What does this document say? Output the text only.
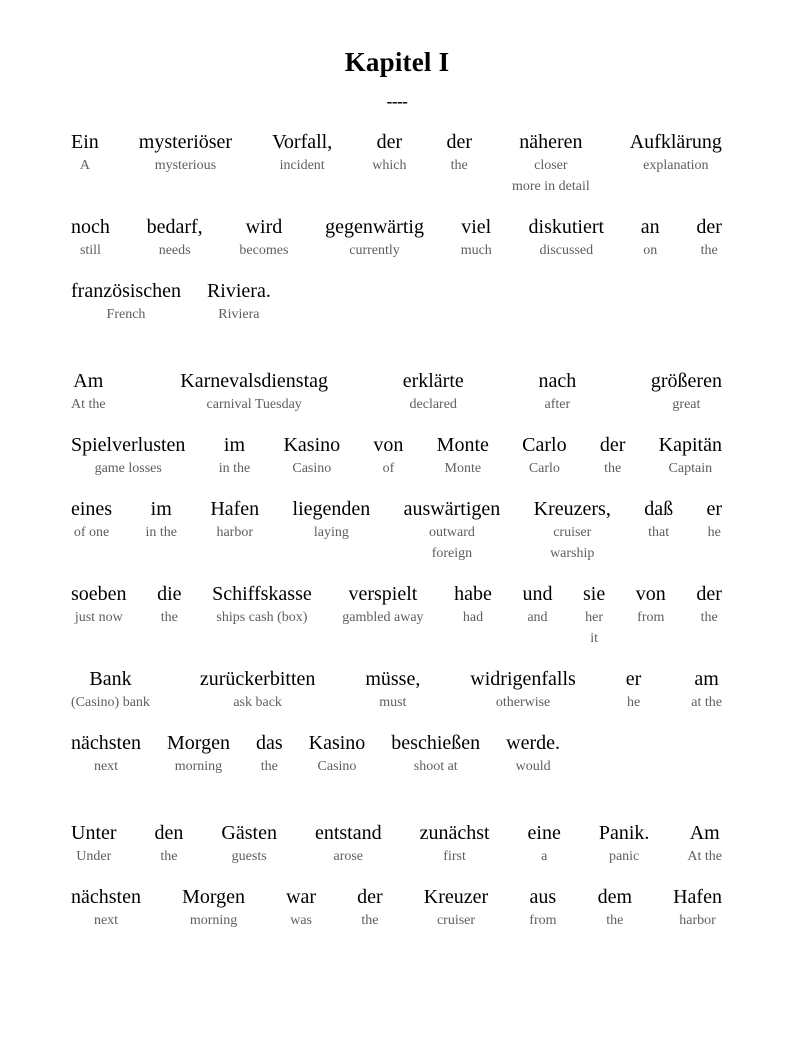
Kapitel I
----
Ein
A
mysteriöser
mysterious
Vorfall,
incident
der
which
der
the
näheren
closer
more in detail
Aufklärung
explanation
noch
still
bedarf,
needs
wird
becomes
gegenwärtig
currently
viel
much
diskutiert
discussed
an
on
der
the
französischen
French
Riviera.
Riviera
Am
At the
Karnevalsdienstag
carnival Tuesday
erklärte
declared
nach
after
größeren
great
Spielverlusten
game losses
im
in the
Kasino
Casino
von
of
Monte
Monte
Carlo
Carlo
der
the
Kapitän
Captain
eines
of one
im
in the
Hafen
harbor
liegenden
laying
auswärtigen
outward
foreign
Kreuzers,
cruiser
warship
daß
that
er
he
soeben
just now
die
the
Schiffskasse
ships cash (box)
verspielt
gambled away
habe
had
und
and
sie
her
it
von
from
der
the
Bank
(Casino) bank
zurückerbitten
ask back
müsse,
must
widrigenfalls
otherwise
er
he
am
at the
nächsten
next
Morgen
morning
das
the
Kasino
Casino
beschießen
shoot at
werde.
would
Unter
Under
den
the
Gästen
guests
entstand
arose
zunächst
first
eine
a
Panik.
panic
Am
At the
nächsten
next
Morgen
morning
war
was
der
the
Kreuzer
cruiser
aus
from
dem
the
Hafen
harbor
